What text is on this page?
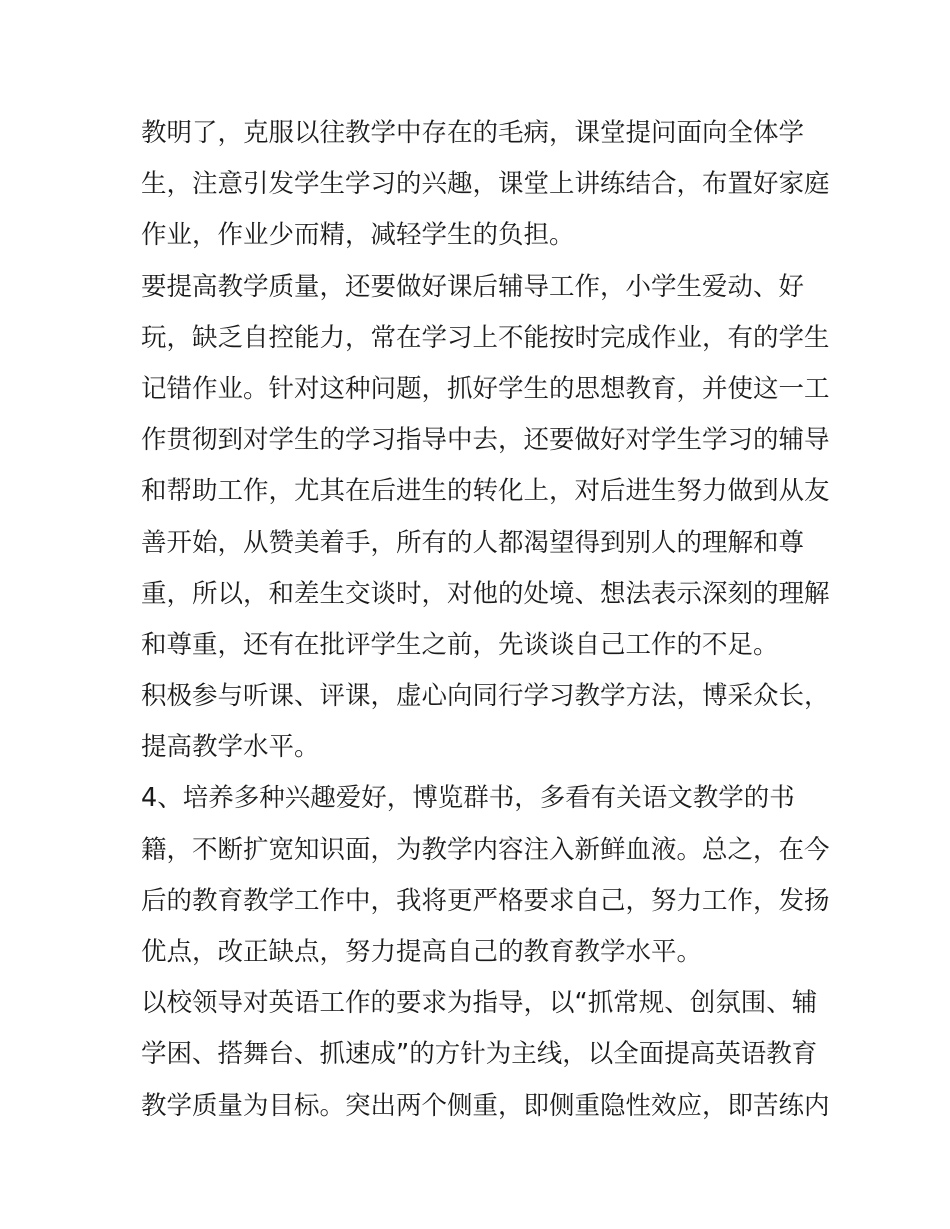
教明了，克服以往教学中存在的毛病，课堂提问面向全体学
生，注意引发学生学习的兴趣，课堂上讲练结合，布置好家庭
作业，作业少而精，减轻学生的负担。
要提高教学质量，还要做好课后辅导工作，小学生爱动、好
玩，缺乏自控能力，常在学习上不能按时完成作业，有的学生
记错作业。针对这种问题，抓好学生的思想教育，并使这一工
作贯彻到对学生的学习指导中去，还要做好对学生学习的辅导
和帮助工作，尤其在后进生的转化上，对后进生努力做到从友
善开始，从赞美着手，所有的人都渴望得到别人的理解和尊
重，所以，和差生交谈时，对他的处境、想法表示深刻的理解
和尊重，还有在批评学生之前，先谈谈自己工作的不足。
积极参与听课、评课，虚心向同行学习教学方法，博采众长，
提高教学水平。
4、培养多种兴趣爱好，博览群书，多看有关语文教学的书
籍，不断扩宽知识面，为教学内容注入新鲜血液。总之，在今
后的教育教学工作中，我将更严格要求自己，努力工作，发扬
优点，改正缺点，努力提高自己的教育教学水平。
以校领导对英语工作的要求为指导，以“抓常规、创氛围、辅
学困、搭舞台、抓速成”的方针为主线，以全面提高英语教育
教学质量为目标。突出两个侧重，即侧重隐性效应，即苦练内
